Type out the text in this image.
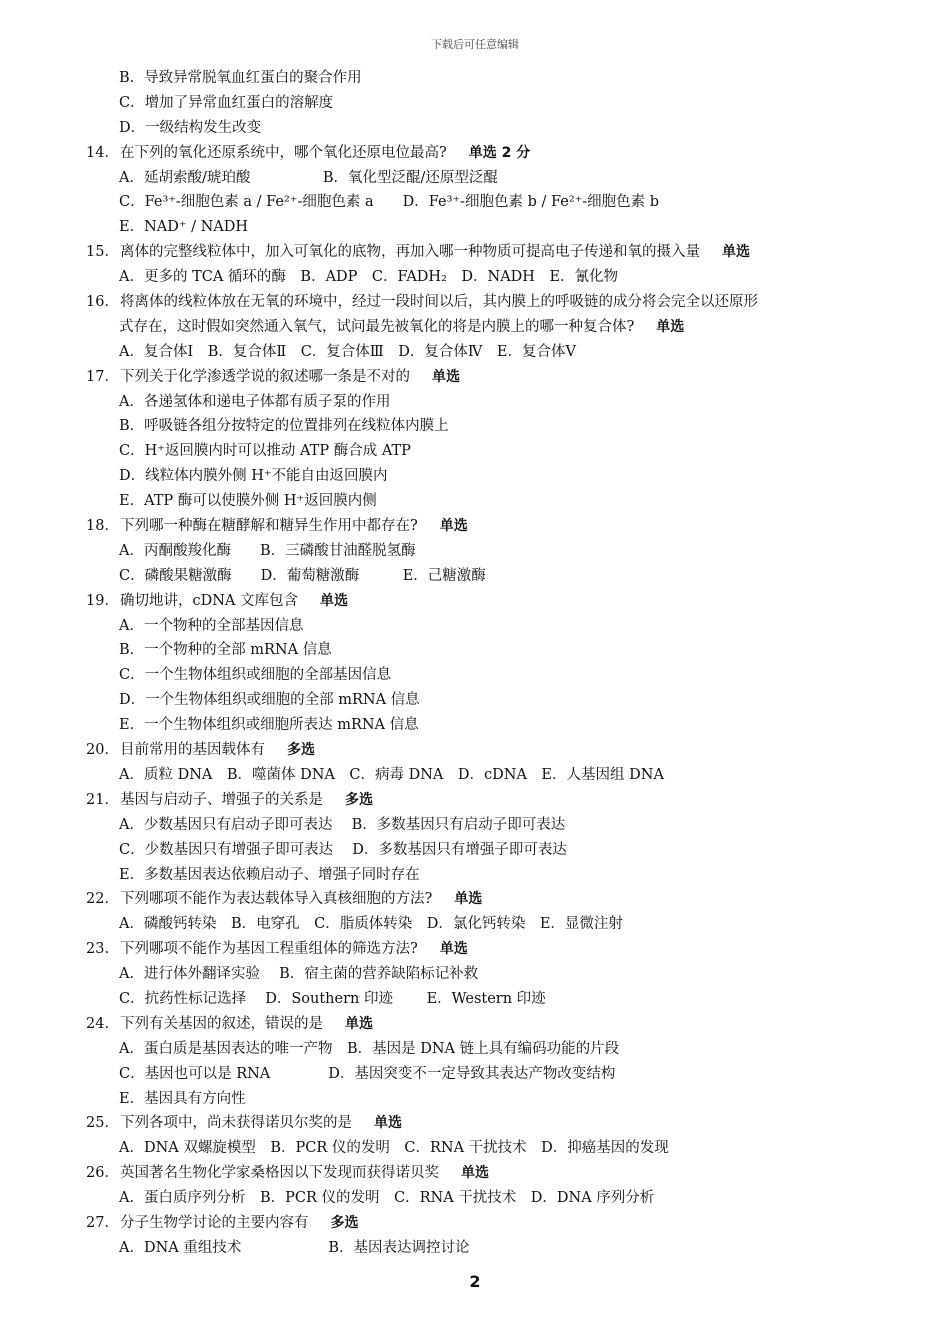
下载后可任意编辑
B．导致异常脱氧血红蛋白的聚合作用
C．增加了异常血红蛋白的溶解度
D．一级结构发生改变
14．在下列的氧化还原系统中，哪个氧化还原电位最高? 单选 2 分
A．延胡索酸/琥珀酸　　　　　B．氧化型泛醌/还原型泛醌
C．Fe³⁺-细胞色素 a / Fe²⁺-细胞色素 a　　D．Fe³⁺-细胞色素 b / Fe²⁺-细胞色素 b
E．NAD⁺ / NADH
15．离体的完整线粒体中，加入可氧化的底物，再加入哪一种物质可提高电子传递和氧的摄入量 单选
A．更多的 TCA 循环的酶　B．ADP　C．FADH₂　D．NADH　E．氰化物
16．将离体的线粒体放在无氧的环境中，经过一段时间以后，其内膜上的呼吸链的成分将会完全以还原形
式存在，这时假如突然通入氧气，试问最先被氧化的将是内膜上的哪一种复合体? 单选
A．复合体Ⅰ　B．复合体Ⅱ　C．复合体Ⅲ　D．复合体Ⅳ　E．复合体Ⅴ
17．下列关于化学渗透学说的叙述哪一条是不对的 单选
A．各递氢体和递电子体都有质子泵的作用
B．呼吸链各组分按特定的位置排列在线粒体内膜上
C．H⁺返回膜内时可以推动 ATP 酶合成 ATP
D．线粒体内膜外侧 H⁺不能自由返回膜内
E．ATP 酶可以使膜外侧 H⁺返回膜内侧
18．下列哪一种酶在糖酵解和糖异生作用中都存在? 单选
A．丙酮酸羧化酶　　B．三磷酸甘油醛脱氢酶
C．磷酸果糖激酶　　D．葡萄糖激酶　　　E．己糖激酶
19．确切地讲，cDNA 文库包含 单选
A．一个物种的全部基因信息
B．一个物种的全部 mRNA 信息
C．一个生物体组织或细胞的全部基因信息
D．一个生物体组织或细胞的全部 mRNA 信息
E．一个生物体组织或细胞所表达 mRNA 信息
20．目前常用的基因载体有 多选
A．质粒 DNA　B．噬菌体 DNA　C．病毒 DNA　D．cDNA　E．人基因组 DNA
21．基因与启动子、增强子的关系是 多选
A．少数基因只有启动子即可表达　 B．多数基因只有启动子即可表达
C．少数基因只有增强子即可表达　 D．多数基因只有增强子即可表达
E．多数基因表达依赖启动子、增强子同时存在
22．下列哪项不能作为表达载体导入真核细胞的方法? 单选
A．磷酸钙转染　B．电穿孔　C．脂质体转染　D．氯化钙转染　E．显微注射
23. 下列哪项不能作为基因工程重组体的筛选方法? 单选
A．进行体外翻译实验　 B．宿主菌的营养缺陷标记补救
C．抗药性标记选择　 D．Southern 印迹　　 E．Western 印迹
24. 下列有关基因的叙述，错误的是 单选
A．蛋白质是基因表达的唯一产物　B．基因是 DNA 链上具有编码功能的片段
C．基因也可以是 RNA　　　　D．基因突变不一定导致其表达产物改变结构
E．基因具有方向性
25．下列各项中，尚未获得诺贝尔奖的是 单选
A．DNA 双螺旋模型　B．PCR 仪的发明　C．RNA 干扰技术　D．抑癌基因的发现
26．英国著名生物化学家桑格因以下发现而获得诺贝奖 单选
A．蛋白质序列分析　B．PCR 仪的发明　C．RNA 干扰技术　D．DNA 序列分析
27．分子生物学讨论的主要内容有 多选
A．DNA 重组技术　　　　　　B．基因表达调控讨论
2
